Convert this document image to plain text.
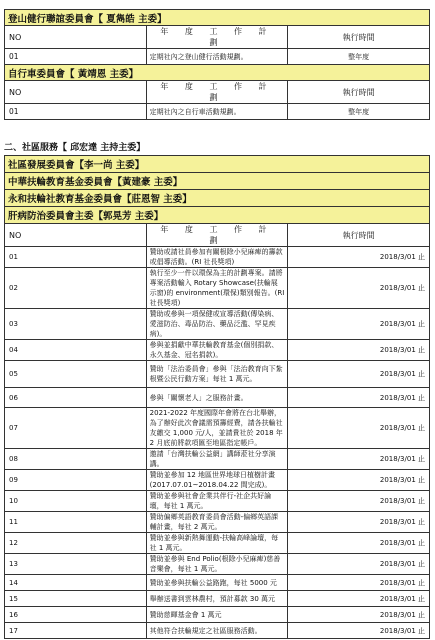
登山健行聯誼委員會【 夏雋皓 主委】		
NO	年 度 工 作 計 劃	執行時間
01	定期社內之登山健行活動規劃。	整年度
自行車委員會【 黃靖恩 主委】		
NO	年 度 工 作 計 劃	執行時間
01	定期社內之自行車活動規劃。	整年度
二、社區服務【 邱宏達 主持主委】
社區發展委員會【李一尚 主委】		
中華扶輪教育基金委員會【黃建豪 主委】		
永和扶輪社教育基金委員會【莊恩智 主委】		
肝病防治委員會主委【郭晃芳 主委】		
NO	年 度 工 作 計 劃	執行時間
01	贊助或請社員參加有關根除小兒麻痺的籌款或倡導活動。(RI 社長獎項)	2018/3/01 止
02	執行至少一件以環保為主的計劃專案。請將專案活動輸入 Rotary Showcase(扶輪展示窗)的 environment(環保)類別報告。(RI 社長獎項)	2018/3/01 止
03	贊助或參與一項保健或宣導活動(傳染病、愛滋防治、毒品防治、藥品泛濫、罕見疾病)。	2018/3/01 止
04	參與並捐獻中華扶輪教育基金(個別捐款、永久基金、冠名捐款)。	2018/3/01 止
05	贊助「法治委員會」參與「法治教育向下紮根暨公民行動方案」每社 1 萬元。	2018/3/01 止
06	參與「關懷老人」之服務計畫。	2018/3/01 止
07	2021-2022 年度國際年會將在台北舉辦，為了辦好此次會議需預籌經費，請各扶輪社友繳交 1,000 元/人，並請貴社於 2018 年 2 月底前將款項匯至地區指定帳戶。	2018/3/01 止
08	邀請「台灣扶輪公益網」講師蒞社分享演講。	2018/3/01 止
09	贊助並參加 12 地區世界地球日植樹計畫(2017.07.01~2018.04.22 間完成)。	2018/3/01 止
10	贊助並參與社會企業共伴行-社企共好論壇，每社 1 萬元。	2018/3/01 止
11	贊助偏鄉英語教育委員會活動-偏鄉英語課輔計畫，每社 2 萬元。	2018/3/01 止
12	贊助並參與新熱舞運動-扶輪高峰論壇，每社 1 萬元。	2018/3/01 止
13	贊助並參與 End Polio(根除小兒麻痺)慈善音樂會，每社 1 萬元。	2018/3/01 止
14	贊助並參與扶輪公益路跑，每社 5000 元	2018/3/01 止
15	舉辦送書到雲林農村，預計募款 30 萬元	2018/3/01 止
16	贊助慈暉基金會 1 萬元	2018/3/01 止
17	其他符合扶輪規定之社區服務活動。	2018/3/01 止
